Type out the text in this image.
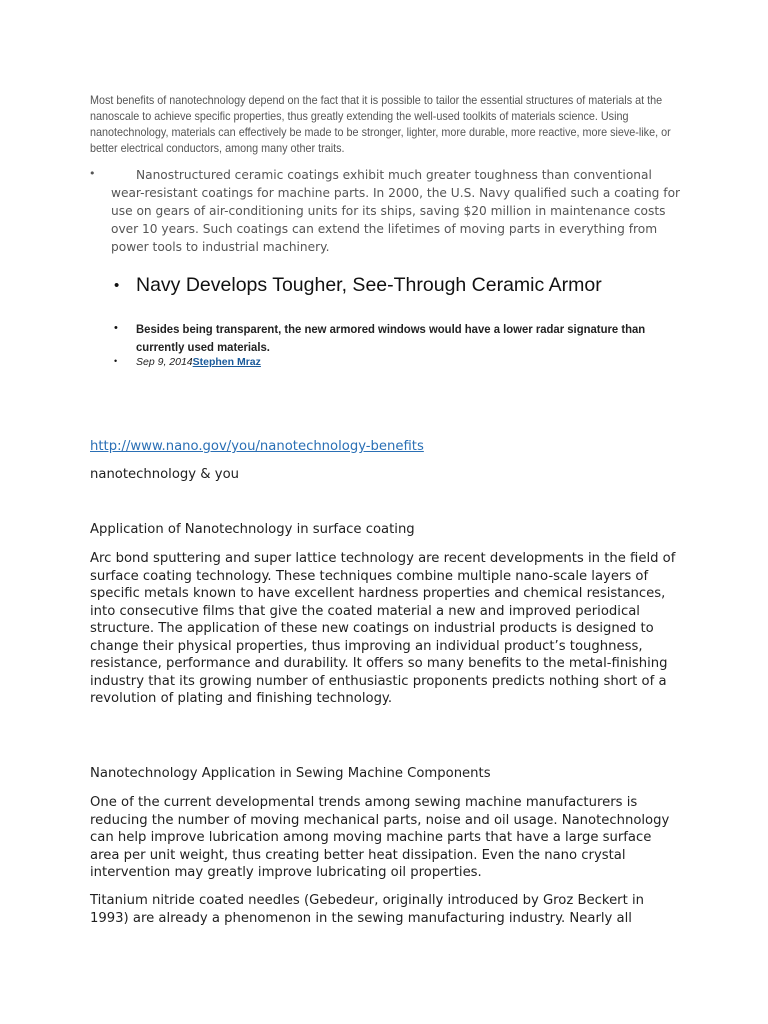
Most benefits of nanotechnology depend on the fact that it is possible to tailor the essential structures of materials at the nanoscale to achieve specific properties, thus greatly extending the well-used toolkits of materials science. Using nanotechnology, materials can effectively be made to be stronger, lighter, more durable, more reactive, more sieve-like, or better electrical conductors, among many other traits.

•	Nanostructured ceramic coatings exhibit much greater toughness than conventional wear-resistant coatings for machine parts. In 2000, the U.S. Navy qualified such a coating for use on gears of air-conditioning units for its ships, saving $20 million in maintenance costs over 10 years. Such coatings can extend the lifetimes of moving parts in everything from power tools to industrial machinery.

• Navy Develops Tougher, See-Through Ceramic Armor
• Besides being transparent, the new armored windows would have a lower radar signature than currently used materials.
• Sep 9, 2014Stephen Mraz
http://www.nano.gov/you/nanotechnology-benefits
nanotechnology & you
Application of Nanotechnology in surface coating

Arc bond sputtering and super lattice technology are recent developments in the field of surface coating technology. These techniques combine multiple nano-scale layers of specific metals known to have excellent hardness properties and chemical resistances, into consecutive films that give the coated material a new and improved periodical structure. The application of these new coatings on industrial products is designed to change their physical properties, thus improving an individual product’s toughness, resistance, performance and durability. It offers so many benefits to the metal-finishing industry that its growing number of enthusiastic proponents predicts nothing short of a revolution of plating and finishing technology.

Nanotechnology Application in Sewing Machine Components

One of the current developmental trends among sewing machine manufacturers is reducing the number of moving mechanical parts, noise and oil usage. Nanotechnology can help improve lubrication among moving machine parts that have a large surface area per unit weight, thus creating better heat dissipation. Even the nano crystal intervention may greatly improve lubricating oil properties.

Titanium nitride coated needles (Gebedeur, originally introduced by Groz Beckert in 1993) are already a phenomenon in the sewing manufacturing industry. Nearly all
